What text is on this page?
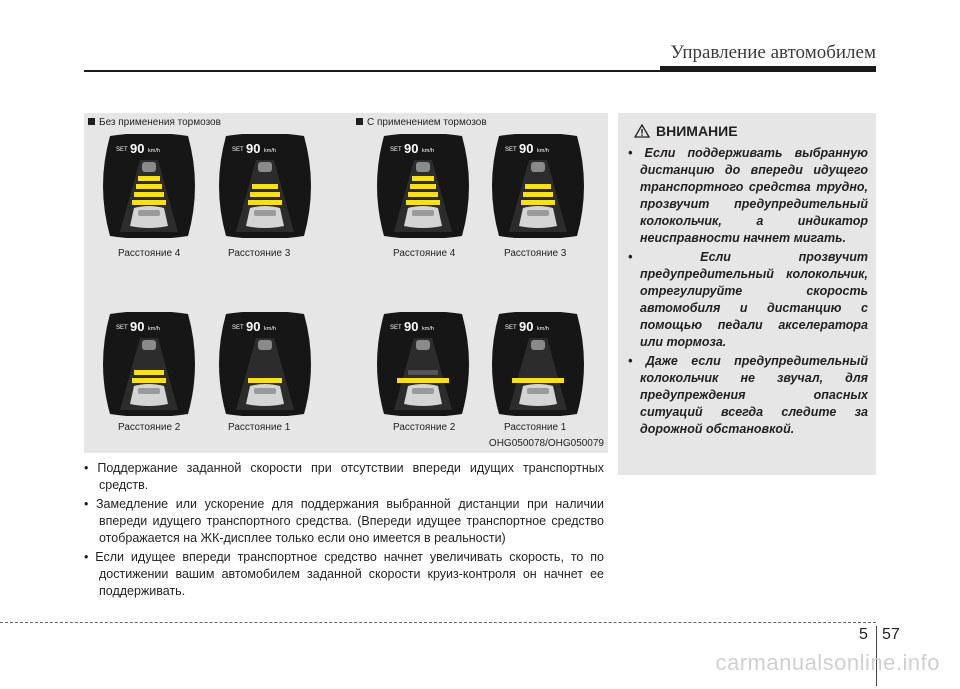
Управление автомобилем
Без применения тормозов	С применением тормозов
SET 90 km/h	SET 90 km/h
SET 90 km/h	SET 90 km/h
SET 90 km/h	SET 90 km/h
SET 90 km/h	SET 90 km/h
Расстояние 4	Расстояние 3	Расстояние 4	Расстояние 3
Расстояние 2	Расстояние 1	Расстояние 2	Расстояние 1
OHG050078/OHG050079

• Поддержание заданной скорости при отсутствии впереди идущих транспортных средств.

• Замедление или ускорение для поддержания выбранной дистанции при наличии впереди идущего транспортного средства. (Впереди идущее транспортное средство отображается на ЖК-дисплее только если оно имеется в реальности)

• Если идущее впереди транспортное средство начнет увеличивать скорость, то по достижении вашим автомобилем заданной скорости круиз-контроля он начнет ее поддерживать.

ВНИМАНИЕ
• Если поддерживать выбранную дистанцию до впереди идущего транспортного средства трудно, прозвучит предупредительный колокольчик, а индикатор неисправности начнет мигать.
• Если прозвучит предупредительный колокольчик, отрегулируйте скорость автомобиля и дистанцию с помощью педали акселератора или тормоза.
• Даже если предупредительный колокольчик не звучал, для предупреждения опасных ситуаций всегда следите за дорожной обстановкой.
5 57
carmanualsonline.info
